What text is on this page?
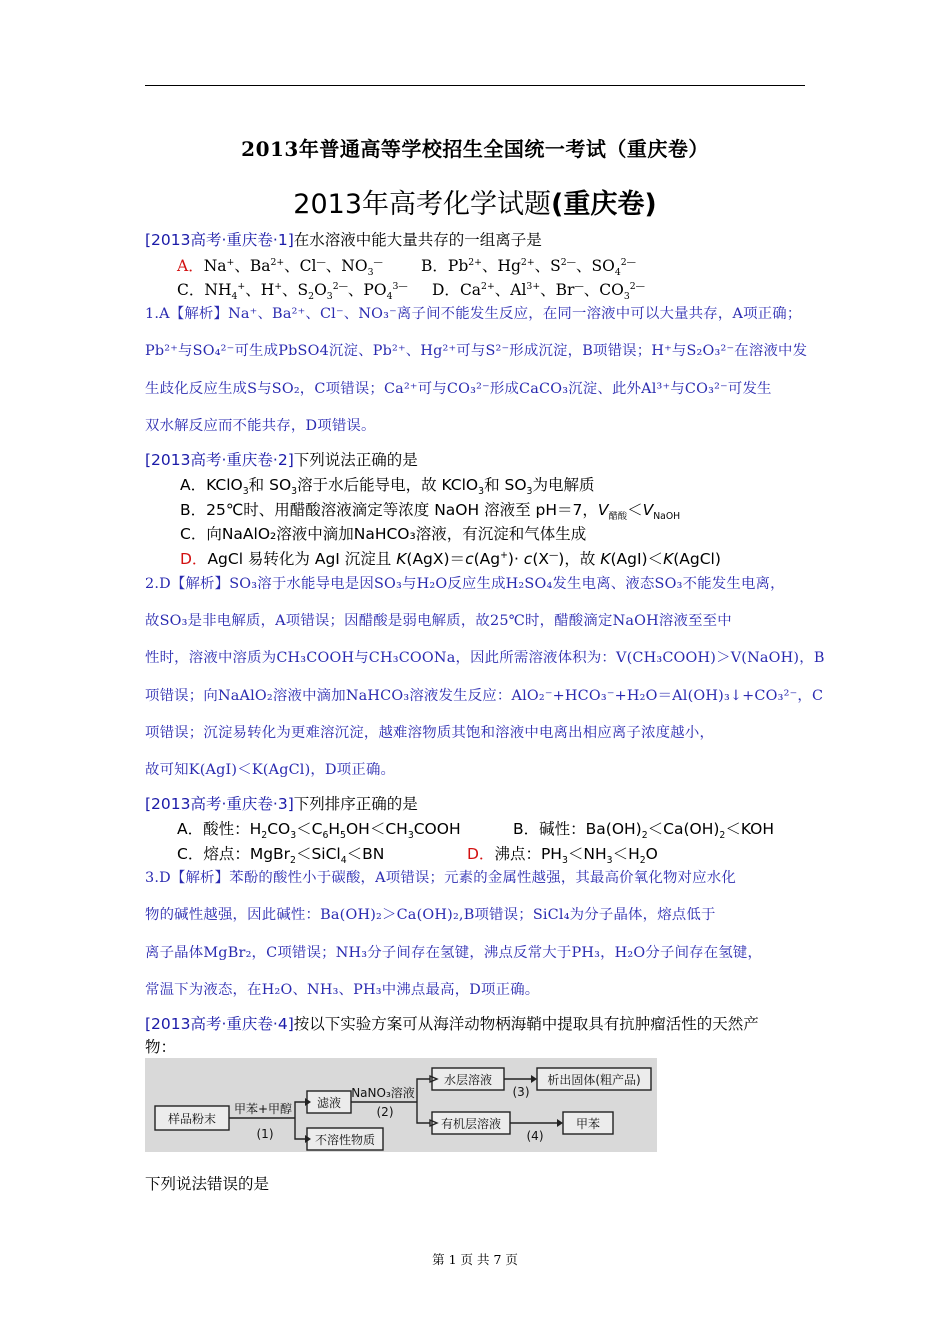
2013年普通高等学校招生全国统一考试（重庆卷）
2013年高考化学试题(重庆卷)
[2013高考·重庆卷·1]在水溶液中能大量共存的一组离子是
A．Na+、$Ba^{2+}$、Cl—、$NO_3^—$ B．$Pb^{2+}$、$Hg^{2+}$、$S^{2—}$、$SO_4^{2—}$
C．$NH_4^+$、H+、$S_2O_3^{2—}$、$PO_4^{3—}$ D．$Ca^{2+}$、$Al^{3+}$、Br—、$CO_3^{2—}$
1.A【解析】Na⁺、Ba²⁺、Cl⁻、NO₃⁻离子间不能发生反应，在同一溶液中可以大量共存，A项正确；
Pb²⁺与SO₄²⁻可生成PbSO4沉淀、Pb²⁺、Hg²⁺可与S²⁻形成沉淀，B项错误；H⁺与S₂O₃²⁻在溶液中发
生歧化反应生成S与SO₂，C项错误；Ca²⁺可与CO₃²⁻形成CaCO₃沉淀、此外Al³⁺与CO₃²⁻可发生
双水解反应而不能共存，D项错误。
[2013高考·重庆卷·2]下列说法正确的是
A．KClO$_3$和 $SO_3$溶于水后能导电，故 KClO$_3$和 $SO_3$为电解质
B．25℃时、用醋酸溶液滴定等浓度 NaOH 溶液至 pH＝7，$V_{醋酸}<V_{NaOH}$
C．向NaAlO₂溶液中滴加NaHCO₃溶液，有沉淀和气体生成
D．AgCl 易转化为 AgI 沉淀且 K(AgX)＝c(Ag+)· c(X—)，故 K(AgI)＜K(AgCl)
2.D【解析】SO₃溶于水能导电是因SO₃与H₂O反应生成H₂SO₄发生电离、液态SO₃不能发生电离，
故SO₃是非电解质，A项错误；因醋酸是弱电解质，故25℃时，醋酸滴定NaOH溶液至至中
性时，溶液中溶质为CH₃COOH与CH₃COONa，因此所需溶液体积为：V(CH₃COOH)＞V(NaOH)，B
项错误；向NaAlO₂溶液中滴加NaHCO₃溶液发生反应：AlO₂⁻+HCO₃⁻+H₂O＝Al(OH)₃↓+CO₃²⁻，C
项错误；沉淀易转化为更难溶沉淀，越难溶物质其饱和溶液中电离出相应离子浓度越小，
故可知K(AgI)＜K(AgCl)，D项正确。
[2013高考·重庆卷·3]下列排序正确的是
A．酸性：$H_2CO_3<C_6H_5OH<CH_3COOH$	B．碱性：$Ba(OH)_2<Ca(OH)_2<KOH$
C．熔点：MgBr$_2$＜SiCl$_4$＜BN	D．沸点：$PH_3<NH_3<H_2O$
3.D【解析】苯酚的酸性小于碳酸，A项错误；元素的金属性越强，其最高价氧化物对应水化
物的碱性越强，因此碱性：Ba(OH)₂＞Ca(OH)₂,B项错误；SiCl₄为分子晶体，熔点低于
离子晶体MgBr₂，C项错误；NH₃分子间存在氢键，沸点反常大于PH₃，H₂O分子间存在氢键，
常温下为液态，在H₂O、NH₃、PH₃中沸点最高，D项正确。
[2013高考·重庆卷·4]按以下实验方案可从海洋动物柄海鞘中提取具有抗肿瘤活性的天然产
物：
样品粉末
甲苯+甲醇
(1)
滤液
不溶性物质
NaNO₃溶液
(2)
水层溶液
(3)
析出固体(粗产品)
有机层溶液
(4)
甲苯
下列说法错误的是
第 1 页 共 7 页
